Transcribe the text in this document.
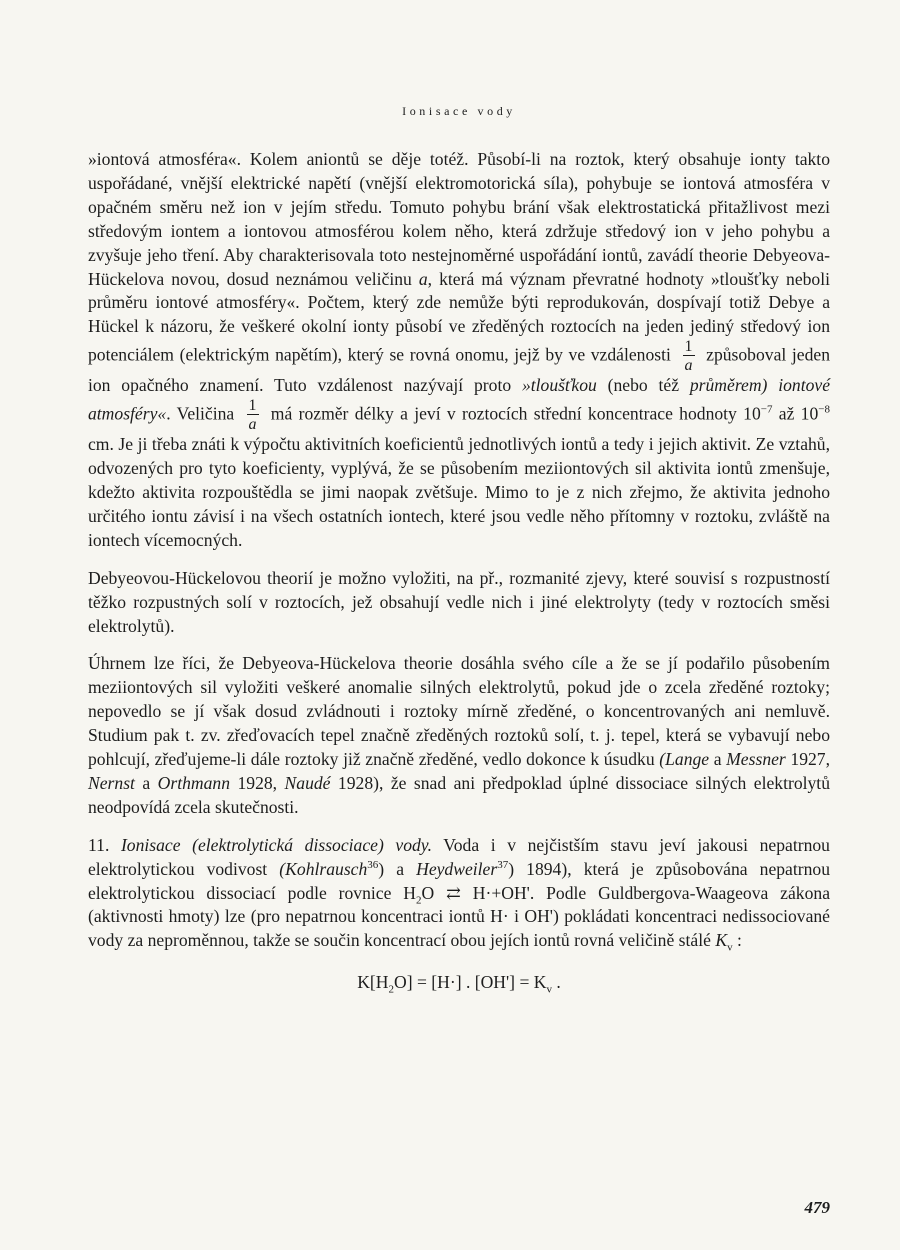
Ionisace vody

»iontová atmosféra«. Kolem aniontů se děje totéž. Působí-li na roztok, který obsahuje ionty takto uspořádané, vnější elektrické napětí (vnější elektromotorická síla), pohybuje se iontová atmosféra v opačném směru než ion v jejím středu. Tomuto pohybu brání však elektrostatická přitažlivost mezi středovým iontem a iontovou atmosférou kolem něho, která zdržuje středový ion v jeho pohybu a zvyšuje jeho tření. Aby charakterisovala toto nestejnoměrné uspořádání iontů, zavádí theorie Debyeova-Hückelova novou, dosud neznámou veličinu a, která má význam převratné hodnoty »tloušťky neboli průměru iontové atmosféry«. Počtem, který zde nemůže býti reprodukován, dospívají totiž Debye a Hückel k názoru, že veškeré okolní ionty působí ve zředěných roztocích na jeden jediný středový ion potenciálem (elektrickým napětím), který se rovná onomu, jejž by ve vzdálenosti $\frac{1}{a}$ způsoboval jeden ion opačného znamení. Tuto vzdálenost nazývají proto »tloušťkou (nebo též průměrem) iontové atmosféry«. Veličina $\frac{1}{a}$ má rozměr délky a jeví v roztocích střední koncentrace hodnoty $10^{-7}$ až $10^{-8}$ cm. Je ji třeba znáti k výpočtu aktivitních koeficientů jednotlivých iontů a tedy i jejich aktivit. Ze vztahů, odvozených pro tyto koeficienty, vyplývá, že se působením meziiontových sil aktivita iontů zmenšuje, kdežto aktivita rozpouštědla se jimi naopak zvětšuje. Mimo to je z nich zřejmo, že aktivita jednoho určitého iontu závisí i na všech ostatních iontech, které jsou vedle něho přítomny v roztoku, zvláště na iontech vícemocných.

Debyeovou-Hückelovou theorií je možno vyložiti, na př., rozmanité zjevy, které souvisí s rozpustností těžko rozpustných solí v roztocích, jež obsahují vedle nich i jiné elektrolyty (tedy v roztocích směsi elektrolytů).

Úhrnem lze říci, že Debyeova-Hückelova theorie dosáhla svého cíle a že se jí podařilo působením meziiontových sil vyložiti veškeré anomalie silných elektrolytů, pokud jde o zcela zředěné roztoky; nepovedlo se jí však dosud zvládnouti i roztoky mírně zředěné, o koncentrovaných ani nemluvě. Studium pak t. zv. zřeďovacích tepel značně zředěných roztoků solí, t. j. tepel, která se vybavují nebo pohlcují, zřeďujeme-li dále roztoky již značně zředěné, vedlo dokonce k úsudku (Lange a Messner 1927, Nernst a Orthmann 1928, Naudé 1928), že snad ani předpoklad úplné dissociace silných elektrolytů neodpovídá zcela skutečnosti.

11. Ionisace (elektrolytická dissociace) vody. Voda i v nejčistším stavu jeví jakousi nepatrnou elektrolytickou vodivost (Kohlrausch$^{36}$) a Heydweiler$^{37}$) 1894), která je způsobována nepatrnou elektrolytickou dissociací podle rovnice $H_2O$ ⇄ H·+OH'. Podle Guldbergova-Waageova zákona (aktivnosti hmoty) lze (pro nepatrnou koncentraci iontů H· i OH') pokládati koncentraci nedissociované vody za neproměnnou, takže se součin koncentrací obou jejích iontů rovná veličině stálé $K_v$ :

$K[H_2O] = [H\cdot]$ . $[OH'] = K_v$ .
479
